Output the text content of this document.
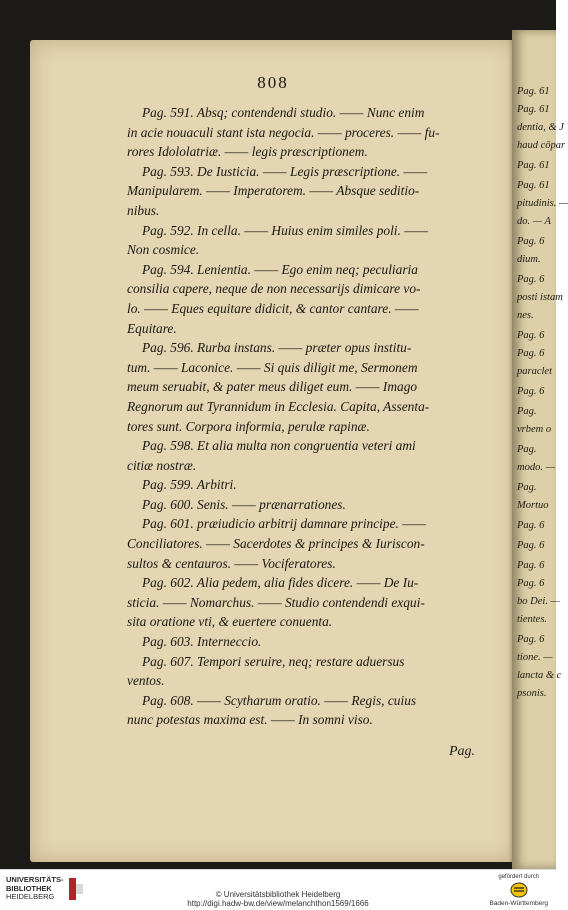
808
Pag. 591. Absq; contendendi studio. —— Nunc enim
in acie nouaculi stant ista negocia. —— proceres. —— fu-
rores Idololatriæ. —— legis præscriptionem.
Pag. 593. De Iusticia. —— Legis præscriptione. ——
Manipularem. —— Imperatorem. —— Absque seditio-
nibus.
Pag. 592. In cella. —— Huius enim similes poli. ——
Non cosmice.
Pag. 594. Lenientia. —— Ego enim neq; peculiaria
consilia capere, neque de non necessarijs dimicare vo-
lo. —— Eques equitare didicit, & cantor cantare. ——
Equitare.
Pag. 596. Rurba instans. —— præter opus institu-
tum. —— Laconice. —— Si quis diligit me, Sermonem
meum seruabit, & pater meus diliget eum. —— Imago
Regnorum aut Tyrannidum in Ecclesia. Capita, Assenta-
tores sunt. Corpora informia, perulæ rapinæ.
Pag. 598. Et alia multa non congruentia veteri ami
citiæ nostræ.
Pag. 599. Arbitri.
Pag. 600. Senis. —— prænarrationes.
Pag. 601. præiudicio arbitrij damnare principe. ——
Conciliatores. —— Sacerdotes & principes & Iuriscon-
sultos & centauros. —— Vociferatores.
Pag. 602. Alia pedem, alia fides dicere. —— De Iu-
sticia. —— Nomarchus. —— Studio contendendi exqui-
sita oratione vti, & euertere conuenta.
Pag. 603. Interneccio.
Pag. 607. Tempori seruire, neq; restare aduersus
ventos.
Pag. 608. —— Scytharum oratio. —— Regis, cuius
nunc potestas maxima est. —— In somni viso.
Pag.
Pag. 61
Pag. 61
dentia, & J
haud cōpar
Pag. 61
Pag. 61
pitudinis. —
do. — A
Pag. 6
dium.
Pag. 6
posti istam
nes.
Pag. 6
Pag. 6
paraclet
Pag. 6
Pag.
vrbem o
Pag.
modo. —
Pag.
Mortuo
Pag. 6
Pag. 6
Pag. 6
Pag. 6
bo Dei. —
tientes.
Pag. 6
tione. —
lancta & c
psonis.
UNIVERSITÄTS-
BIBLIOTHEK
HEIDELBERG	© Universitätsbibliothek Heidelberg
http://digi.hadw-bw.de/view/melanchthon1569/1666
gefördert durch
Baden-Württemberg
